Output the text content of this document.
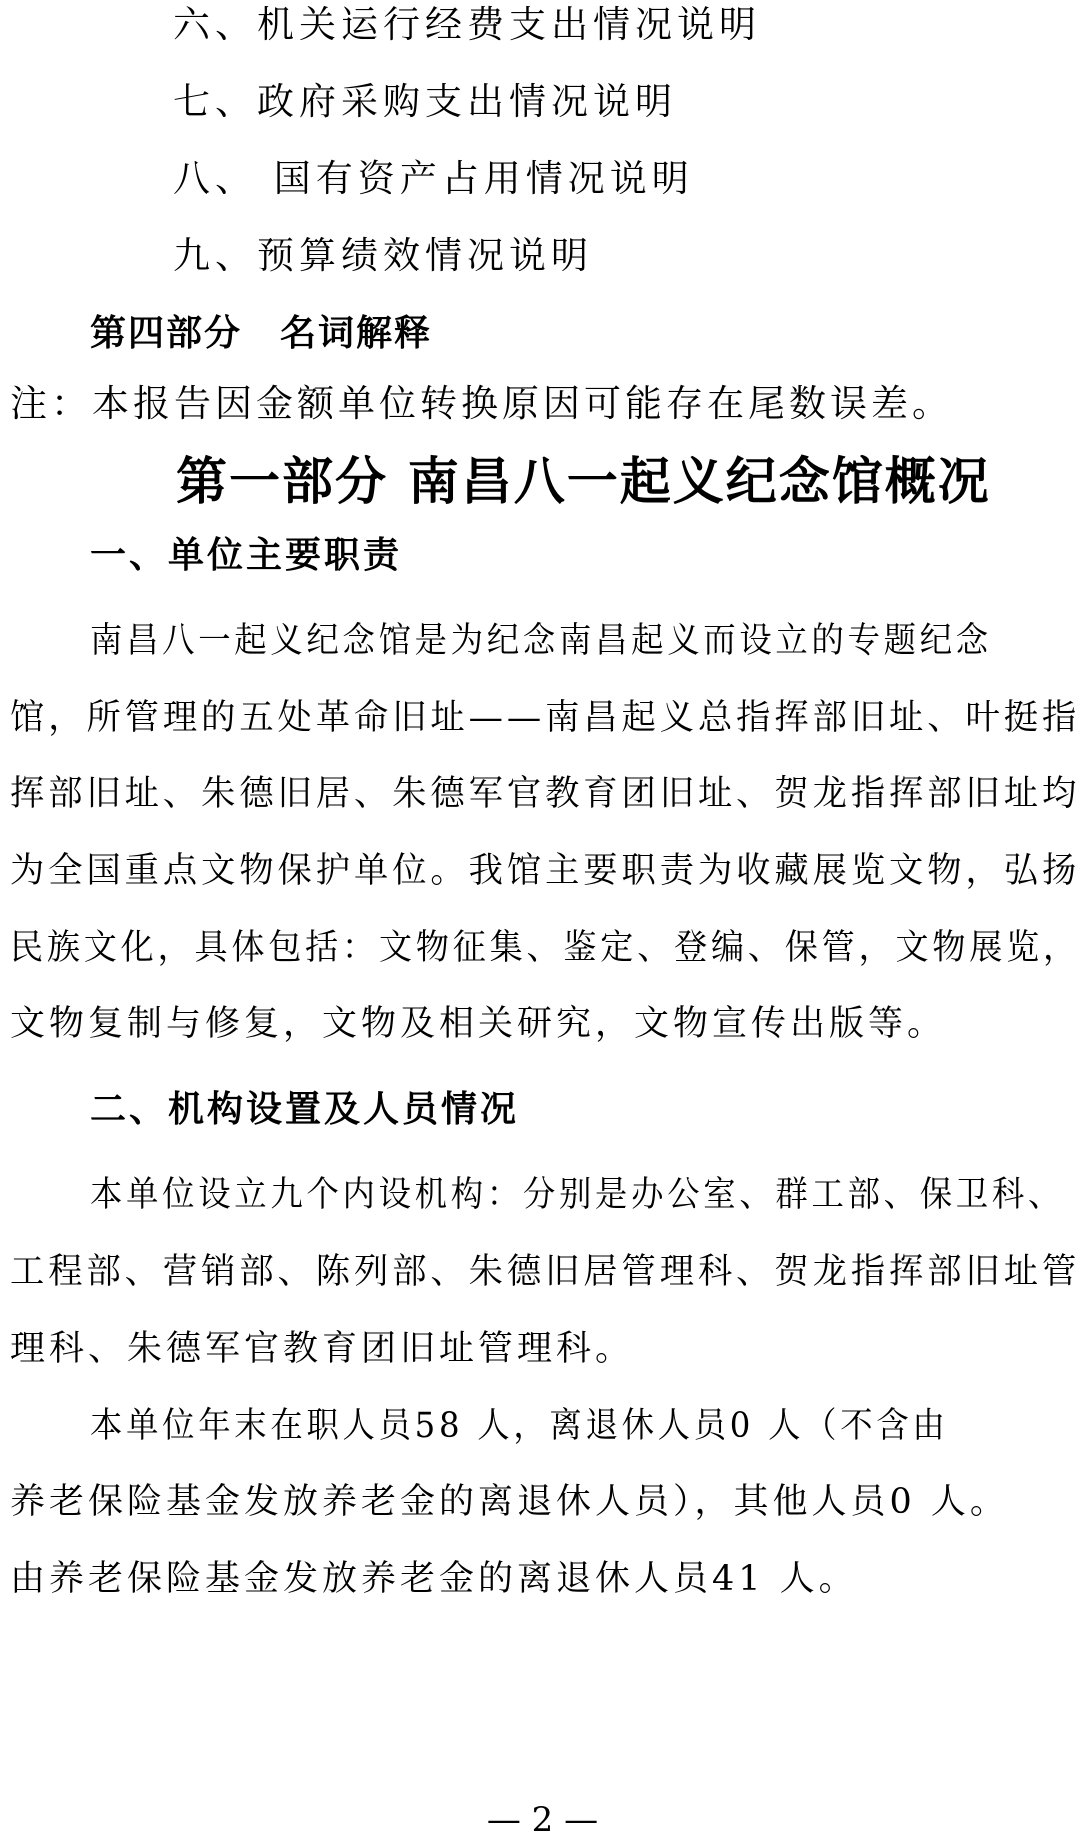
六、机关运行经费支出情况说明
七、政府采购支出情况说明
八、 国有资产占用情况说明
九、预算绩效情况说明
第四部分　名词解释
注：本报告因金额单位转换原因可能存在尾数误差。
第一部分 南昌八一起义纪念馆概况
一、单位主要职责
南昌八一起义纪念馆是为纪念南昌起义而设立的专题纪念
馆，所管理的五处革命旧址——南昌起义总指挥部旧址、叶挺指
挥部旧址、朱德旧居、朱德军官教育团旧址、贺龙指挥部旧址均
为全国重点文物保护单位。我馆主要职责为收藏展览文物，弘扬
民族文化，具体包括：文物征集、鉴定、登编、保管，文物展览，
文物复制与修复，文物及相关研究，文物宣传出版等。
二、机构设置及人员情况
本单位设立九个内设机构：分别是办公室、群工部、保卫科、
工程部、营销部、陈列部、朱德旧居管理科、贺龙指挥部旧址管
理科、朱德军官教育团旧址管理科。
本单位年末在职人员58 人，离退休人员0 人（不含由
养老保险基金发放养老金的离退休人员），其他人员0 人。
由养老保险基金发放养老金的离退休人员41 人。
— 2 —
